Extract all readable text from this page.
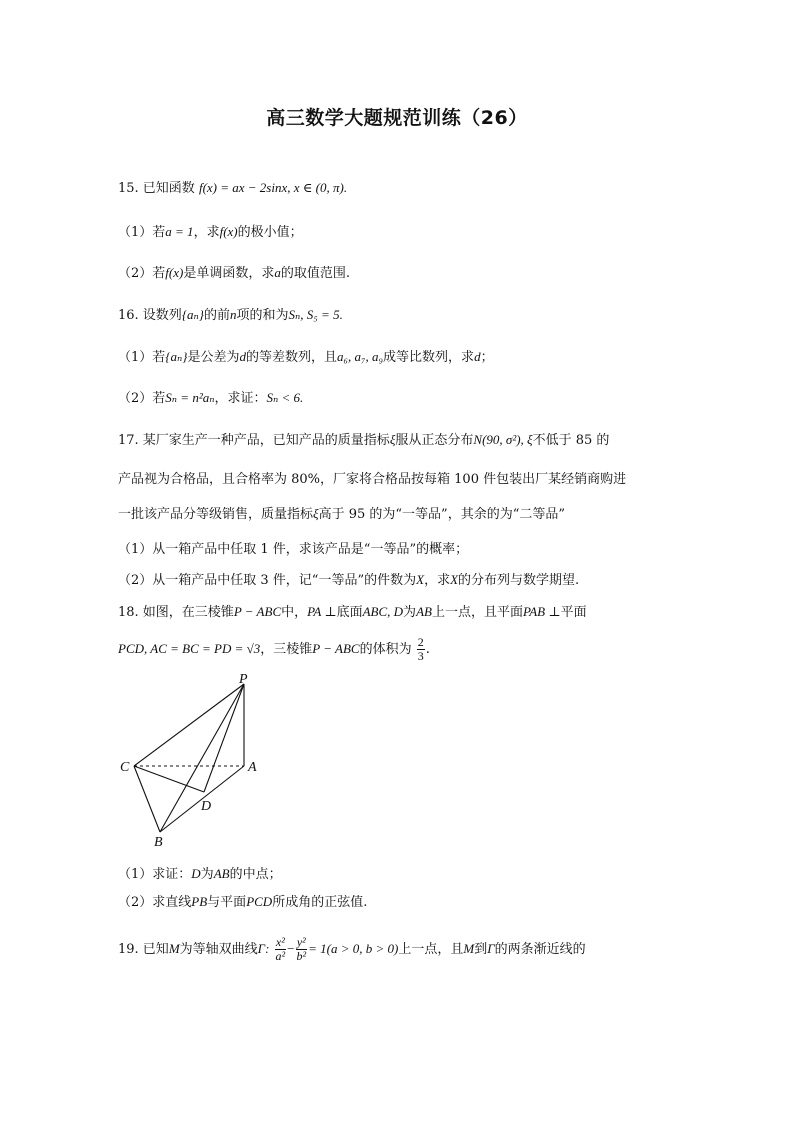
高三数学大题规范训练（26）
15. 已知函数 f(x) = ax − 2sinx, x ∈ (0, π).
（1）若a = 1，求f(x)的极小值；
（2）若f(x)是单调函数，求a的取值范围.
16. 设数列{aₙ}的前n项的和为Sₙ, S₅ = 5.
（1）若{aₙ}是公差为d的等差数列，且a₆, a₇, a₉成等比数列，求d；
（2）若Sₙ = n²aₙ，求证：Sₙ < 6.
17. 某厂家生产一种产品，已知产品的质量指标ξ服从正态分布N(90, σ²), ξ不低于 85 的
产品视为合格品，且合格率为 80%，厂家将合格品按每箱 100 件包装出厂某经销商购进
一批该产品分等级销售，质量指标ξ高于 95 的为“一等品”，其余的为“二等品”
（1）从一箱产品中任取 1 件，求该产品是“一等品”的概率；
（2）从一箱产品中任取 3 件，记“一等品”的件数为X，求X的分布列与数学期望.
18. 如图，在三棱锥P − ABC中，PA ⊥底面ABC, D为AB上一点，且平面PAB ⊥平面
PCD, AC = BC = PD = √3，三棱锥P − ABC的体积为 $\frac{2}{3}$ .
P
C	A
D
B
（1）求证：D为AB的中点；
（2）求直线PB与平面PCD所成角的正弦值.
19. 已知M为等轴双曲线Γ: $\frac{\text{x²}}{\text{a²}} - \frac{\text{y²}}{\text{b²}} = 1(a > 0$, b > 0)上一点，且M到Γ的两条渐近线的
